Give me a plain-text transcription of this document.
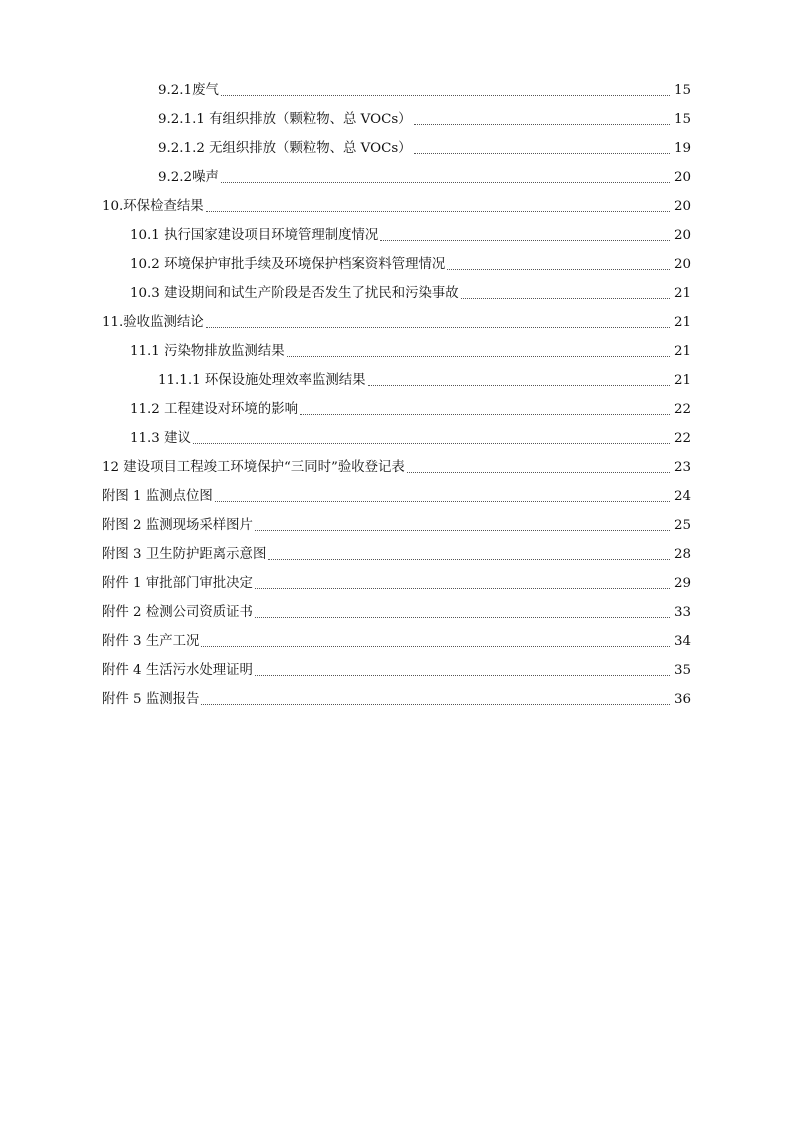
9.2.1废气	15
9.2.1.1 有组织排放（颗粒物、总 VOCs）	15
9.2.1.2 无组织排放（颗粒物、总 VOCs）	19
9.2.2噪声	20
10.环保检查结果	20
10.1 执行国家建设项目环境管理制度情况	20
10.2 环境保护审批手续及环境保护档案资料管理情况	20
10.3 建设期间和试生产阶段是否发生了扰民和污染事故	21
11.验收监测结论	21
11.1 污染物排放监测结果	21
11.1.1 环保设施处理效率监测结果	21
11.2 工程建设对环境的影响	22
11.3 建议	22
12 建设项目工程竣工环境保护“三同时”验收登记表	23
附图 1 监测点位图	24
附图 2 监测现场采样图片	25
附图 3 卫生防护距离示意图	28
附件 1 审批部门审批决定	29
附件 2 检测公司资质证书	33
附件 3 生产工况	34
附件 4 生活污水处理证明	35
附件 5 监测报告	36
